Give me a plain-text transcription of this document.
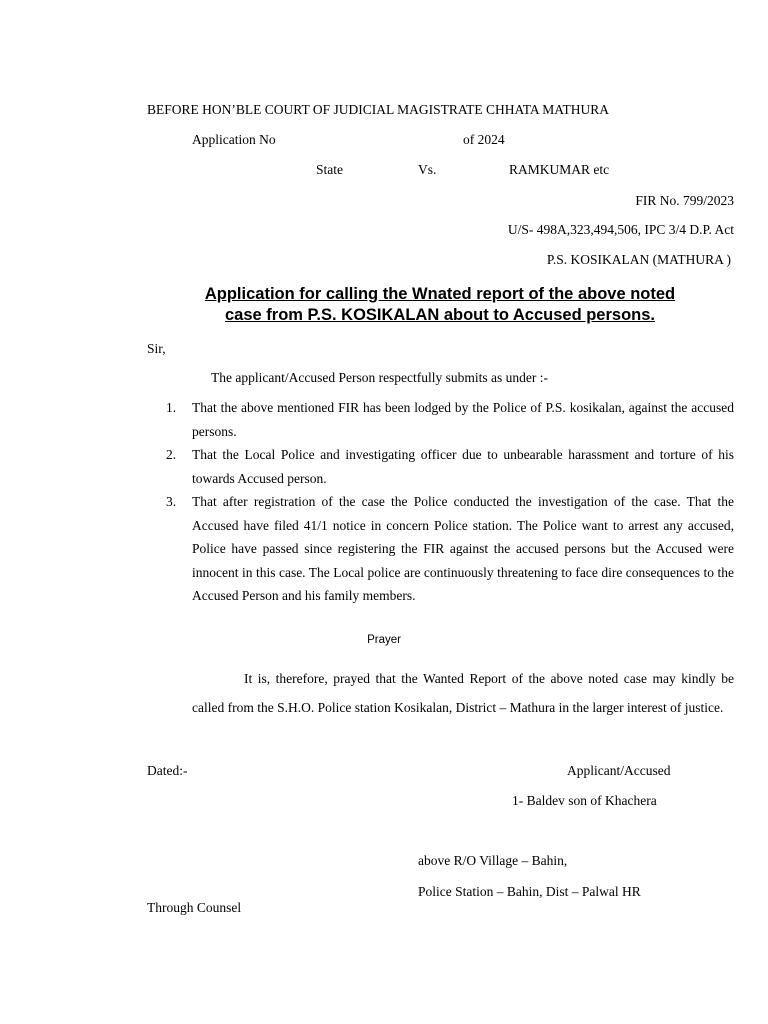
BEFORE HON’BLE COURT OF JUDICIAL MAGISTRATE CHHATA MATHURA
Application No	of 2024
State	Vs.	RAMKUMAR etc
FIR No. 799/2023
U/S- 498A,323,494,506, IPC 3/4 D.P. Act
P.S. KOSIKALAN (MATHURA )
Application for calling the Wnated report of the above noted
case from P.S. KOSIKALAN about to Accused persons.
Sir,
The applicant/Accused Person respectfully submits as under :-
1.	That the above mentioned FIR has been lodged by the Police of P.S. kosikalan, against the accused persons.
2.	That the Local Police and investigating officer due to unbearable harassment and torture of his towards Accused person.
3.	That after registration of the case the Police conducted the investigation of the case. That the Accused have filed 41/1 notice in concern Police station. The Police want to arrest any accused, Police have passed since registering the FIR against the accused persons but the Accused were innocent in this case. The Local police are continuously threatening to face dire consequences to the Accused Person and his family members.
Prayer
It is, therefore, prayed that the Wanted Report of the above noted case may kindly be called from the S.H.O. Police station Kosikalan, District – Mathura in the larger interest of justice.
Dated:-	Applicant/Accused
1- Baldev son of Khachera
above R/O Village – Bahin,
Police Station – Bahin, Dist – Palwal HR
Through Counsel
